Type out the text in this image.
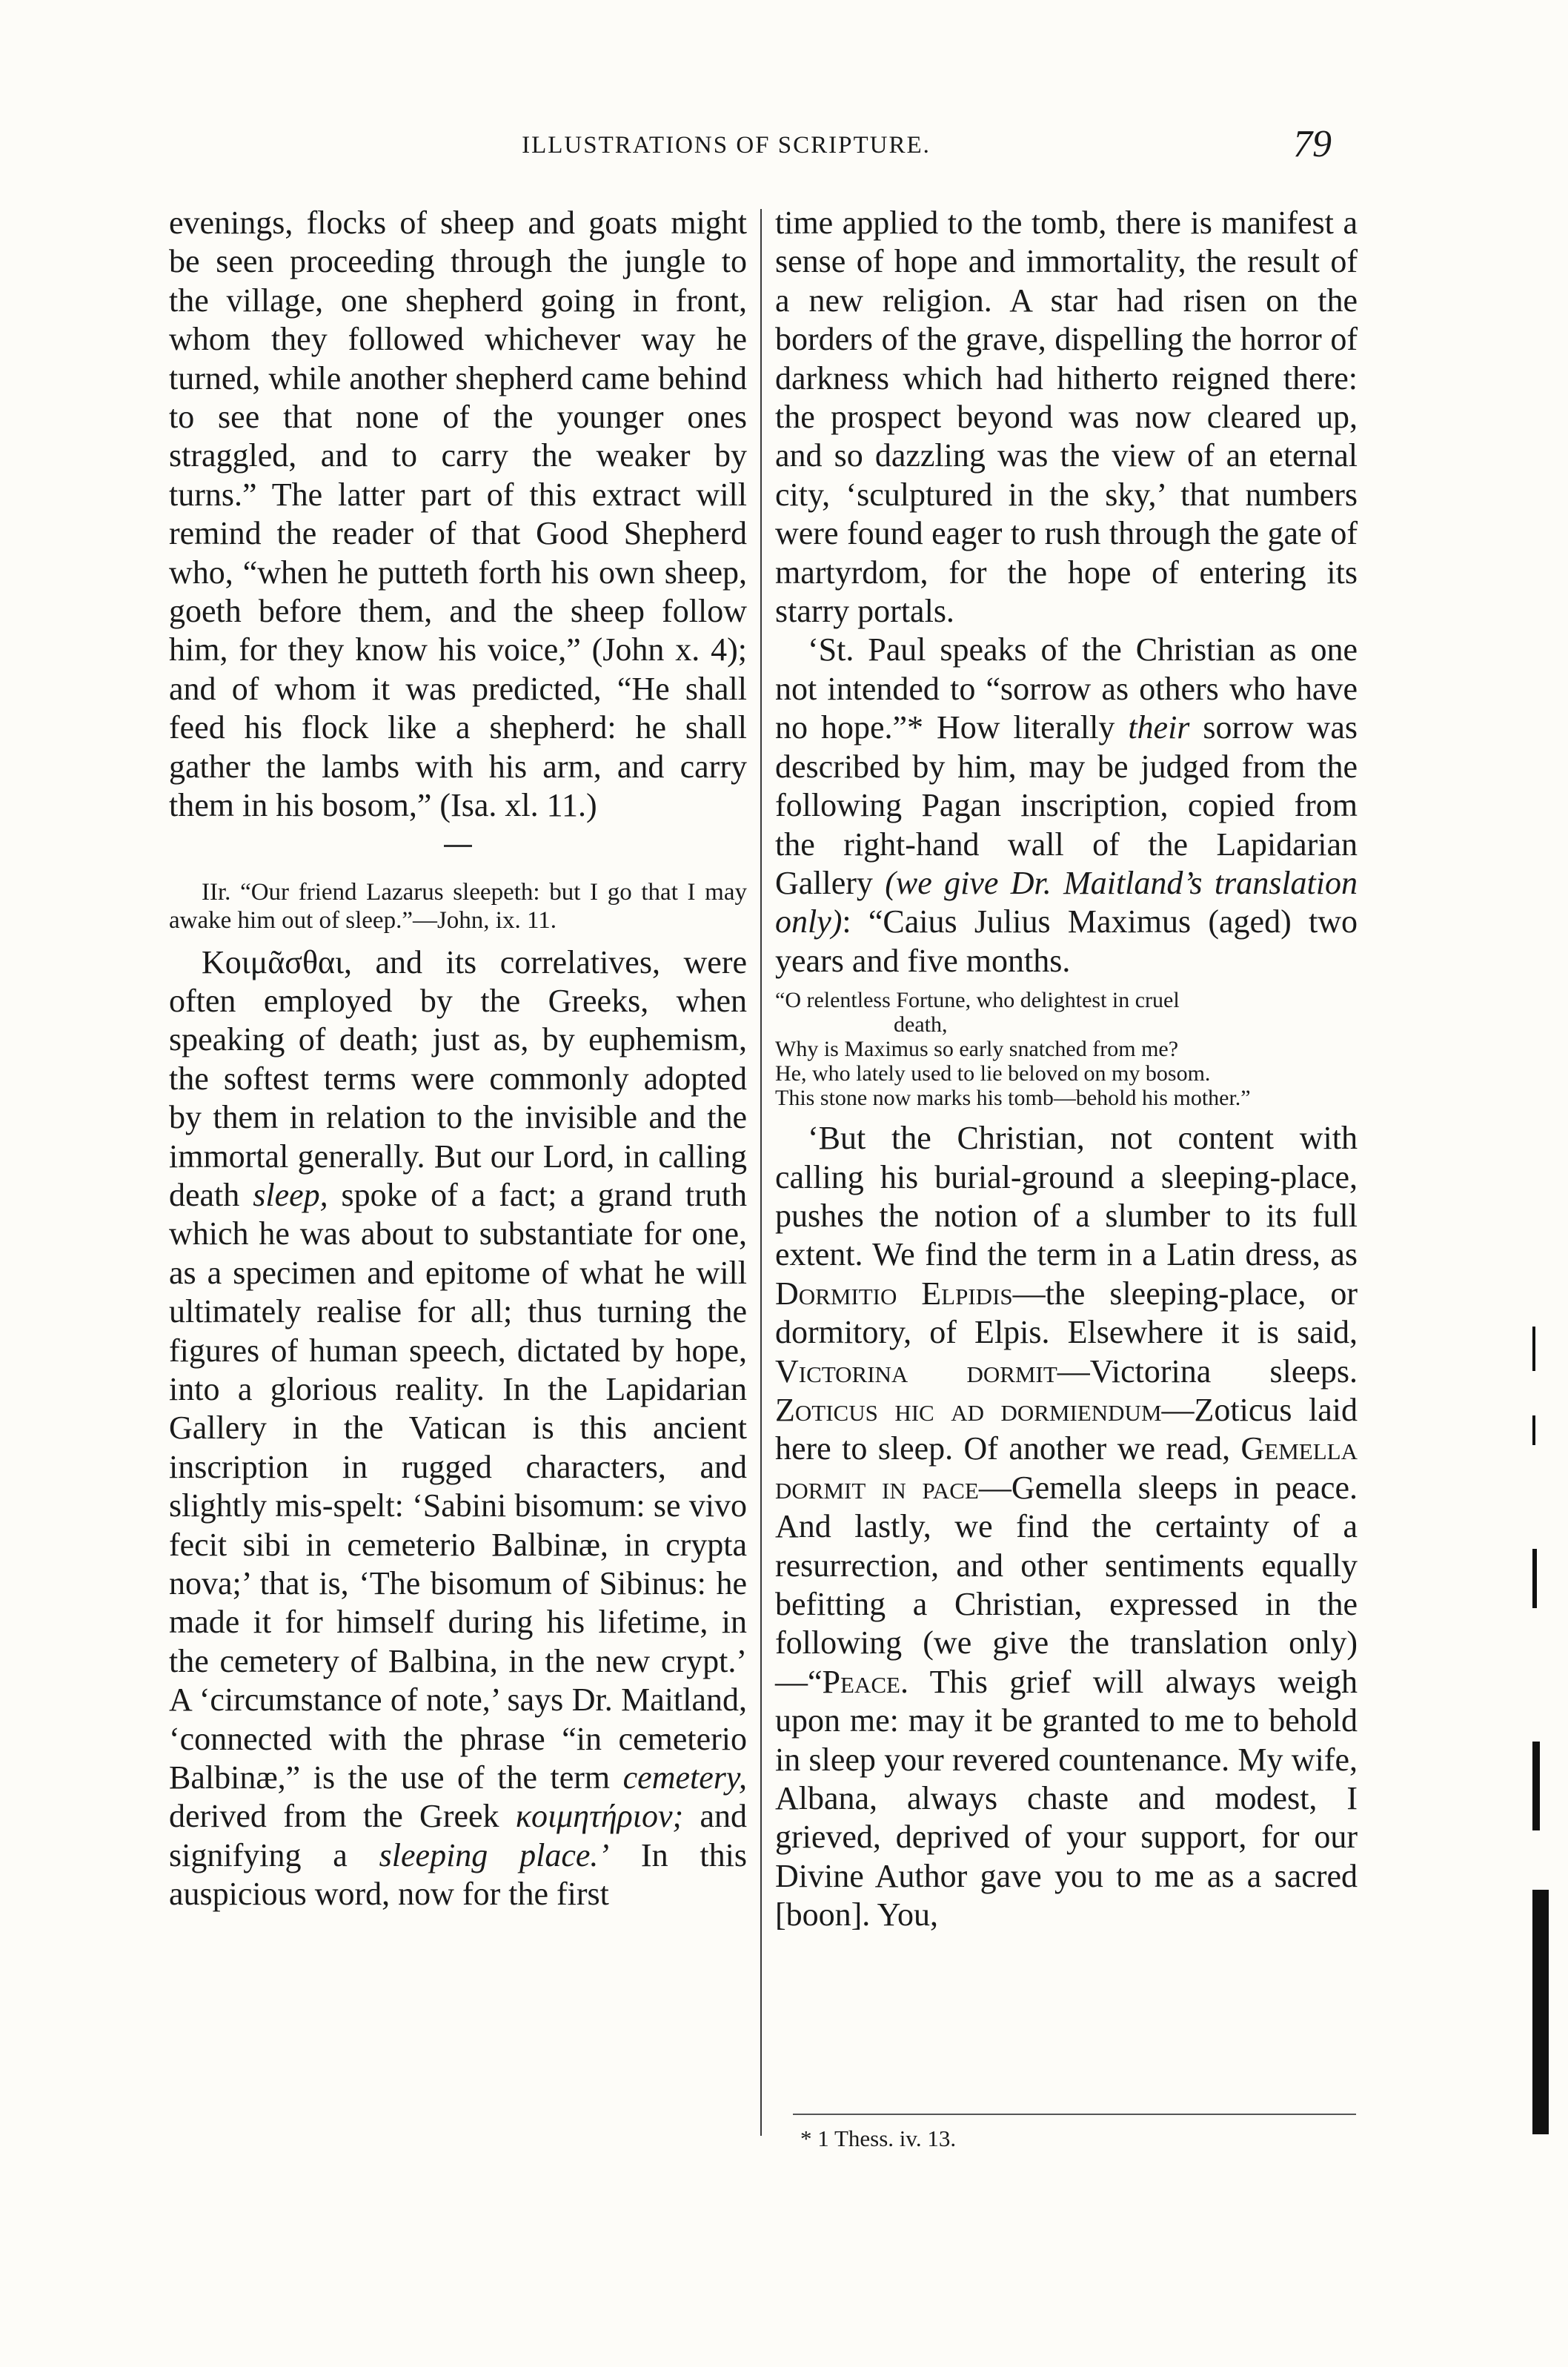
ILLUSTRATIONS OF SCRIPTURE.	79

evenings, flocks of sheep and goats might be seen proceeding through the jungle to the village, one shepherd going in front, whom they followed whichever way he turned, while another shepherd came behind to see that none of the younger ones straggled, and to carry the weaker by turns.” The latter part of this extract will remind the reader of that Good Shepherd who, “when he putteth forth his own sheep, goeth before them, and the sheep follow him, for they know his voice,” (John x. 4); and of whom it was predicted, “He shall feed his flock like a shepherd: he shall gather the lambs with his arm, and carry them in his bosom,” (Isa. xl. 11.)

IIr. “Our friend Lazarus sleepeth: but I go that I may awake him out of sleep.”—John, ix. 11.

Κοιμᾶσθαι, and its correlatives, were often employed by the Greeks, when speaking of death; just as, by euphemism, the softest terms were commonly adopted by them in relation to the invisible and the immortal generally. But our Lord, in calling death sleep, spoke of a fact; a grand truth which he was about to substantiate for one, as a specimen and epitome of what he will ultimately realise for all; thus turning the figures of human speech, dictated by hope, into a glorious reality. In the Lapidarian Gallery in the Vatican is this ancient inscription in rugged characters, and slightly mis-spelt: ‘Sabini bisomum: se vivo fecit sibi in cemeterio Balbinæ, in crypta nova;’ that is, ‘The bisomum of Sibinus: he made it for himself during his lifetime, in the cemetery of Balbina, in the new crypt.’ A ‘circumstance of note,’ says Dr. Maitland, ‘connected with the phrase “in cemeterio Balbinæ,” is the use of the term cemetery, derived from the Greek κοιμητήριον; and signifying a sleeping place.’ In this auspicious word, now for the first

time applied to the tomb, there is manifest a sense of hope and immortality, the result of a new religion. A star had risen on the borders of the grave, dispelling the horror of darkness which had hitherto reigned there: the prospect beyond was now cleared up, and so dazzling was the view of an eternal city, ‘sculptured in the sky,’ that numbers were found eager to rush through the gate of martyrdom, for the hope of entering its starry portals.

‘St. Paul speaks of the Christian as one not intended to “sorrow as others who have no hope.”* How literally their sorrow was described by him, may be judged from the following Pagan inscription, copied from the right-hand wall of the Lapidarian Gallery (we give Dr. Maitland’s translation only): “Caius Julius Maximus (aged) two years and five months.

“O relentless Fortune, who delightest in cruel
death,
Why is Maximus so early snatched from me?
He, who lately used to lie beloved on my bosom.
This stone now marks his tomb—behold his mother.”

‘But the Christian, not content with calling his burial-ground a sleeping-place, pushes the notion of a slumber to its full extent. We find the term in a Latin dress, as Dormitio Elpidis—the sleeping-place, or dormitory, of Elpis. Elsewhere it is said, Victorina dormit—Victorina sleeps. Zoticus hic ad dormiendum—Zoticus laid here to sleep. Of another we read, Gemella dormit in pace—Gemella sleeps in peace. And lastly, we find the certainty of a resurrection, and other sentiments equally befitting a Christian, expressed in the following (we give the translation only)—“Peace. This grief will always weigh upon me: may it be granted to me to behold in sleep your revered countenance. My wife, Albana, always chaste and modest, I grieved, deprived of your support, for our Divine Author gave you to me as a sacred [boon]. You,

* 1 Thess. iv. 13.
